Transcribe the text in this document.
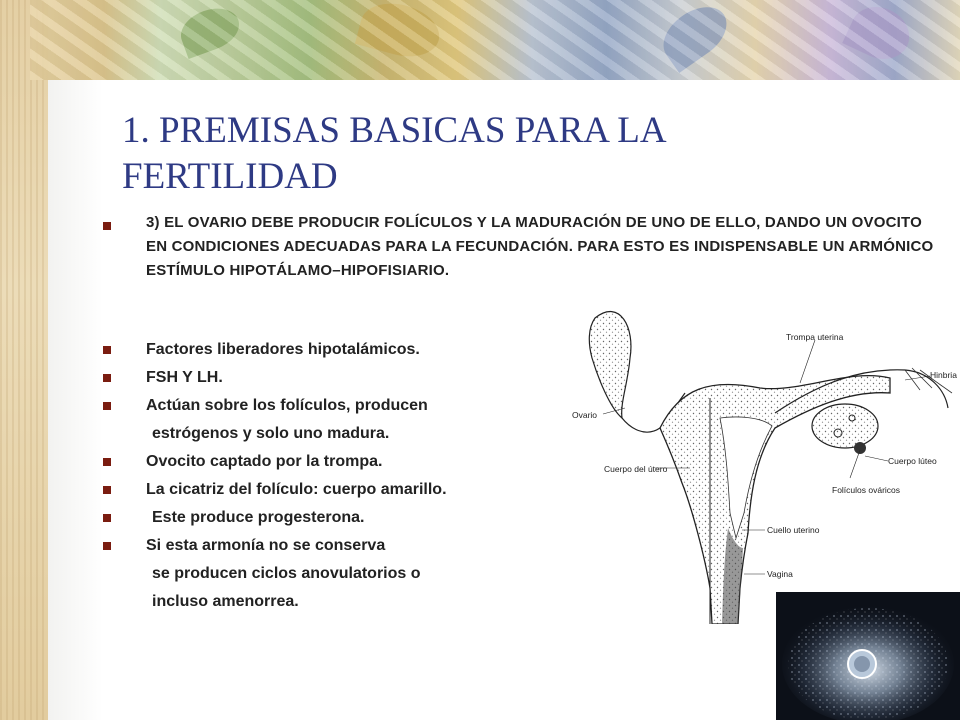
1. PREMISAS BASICAS PARA LA FERTILIDAD
3) EL OVARIO DEBE PRODUCIR FOLÍCULOS Y LA MADURACIÓN DE UNO DE ELLO, DANDO UN OVOCITO EN CONDICIONES ADECUADAS PARA LA FECUNDACIÓN. PARA ESTO ES INDISPENSABLE UN ARMÓNICO ESTÍMULO HIPOTÁLAMO–HIPOFISIARIO.
Factores liberadores hipotalámicos.
FSH Y LH.
Actúan sobre los folículos, producen
estrógenos y solo uno madura.
Ovocito captado por la trompa.
La cicatriz del folículo: cuerpo amarillo.
Este produce progesterona.
Si esta armonía no se conserva
se producen ciclos anovulatorios o
incluso amenorrea.
Trompa uterina
Hinbria
Ovario
Cuerpo lúteo
Cuerpo del útero
Folículos ováricos
Cuello uterino
Vagina
